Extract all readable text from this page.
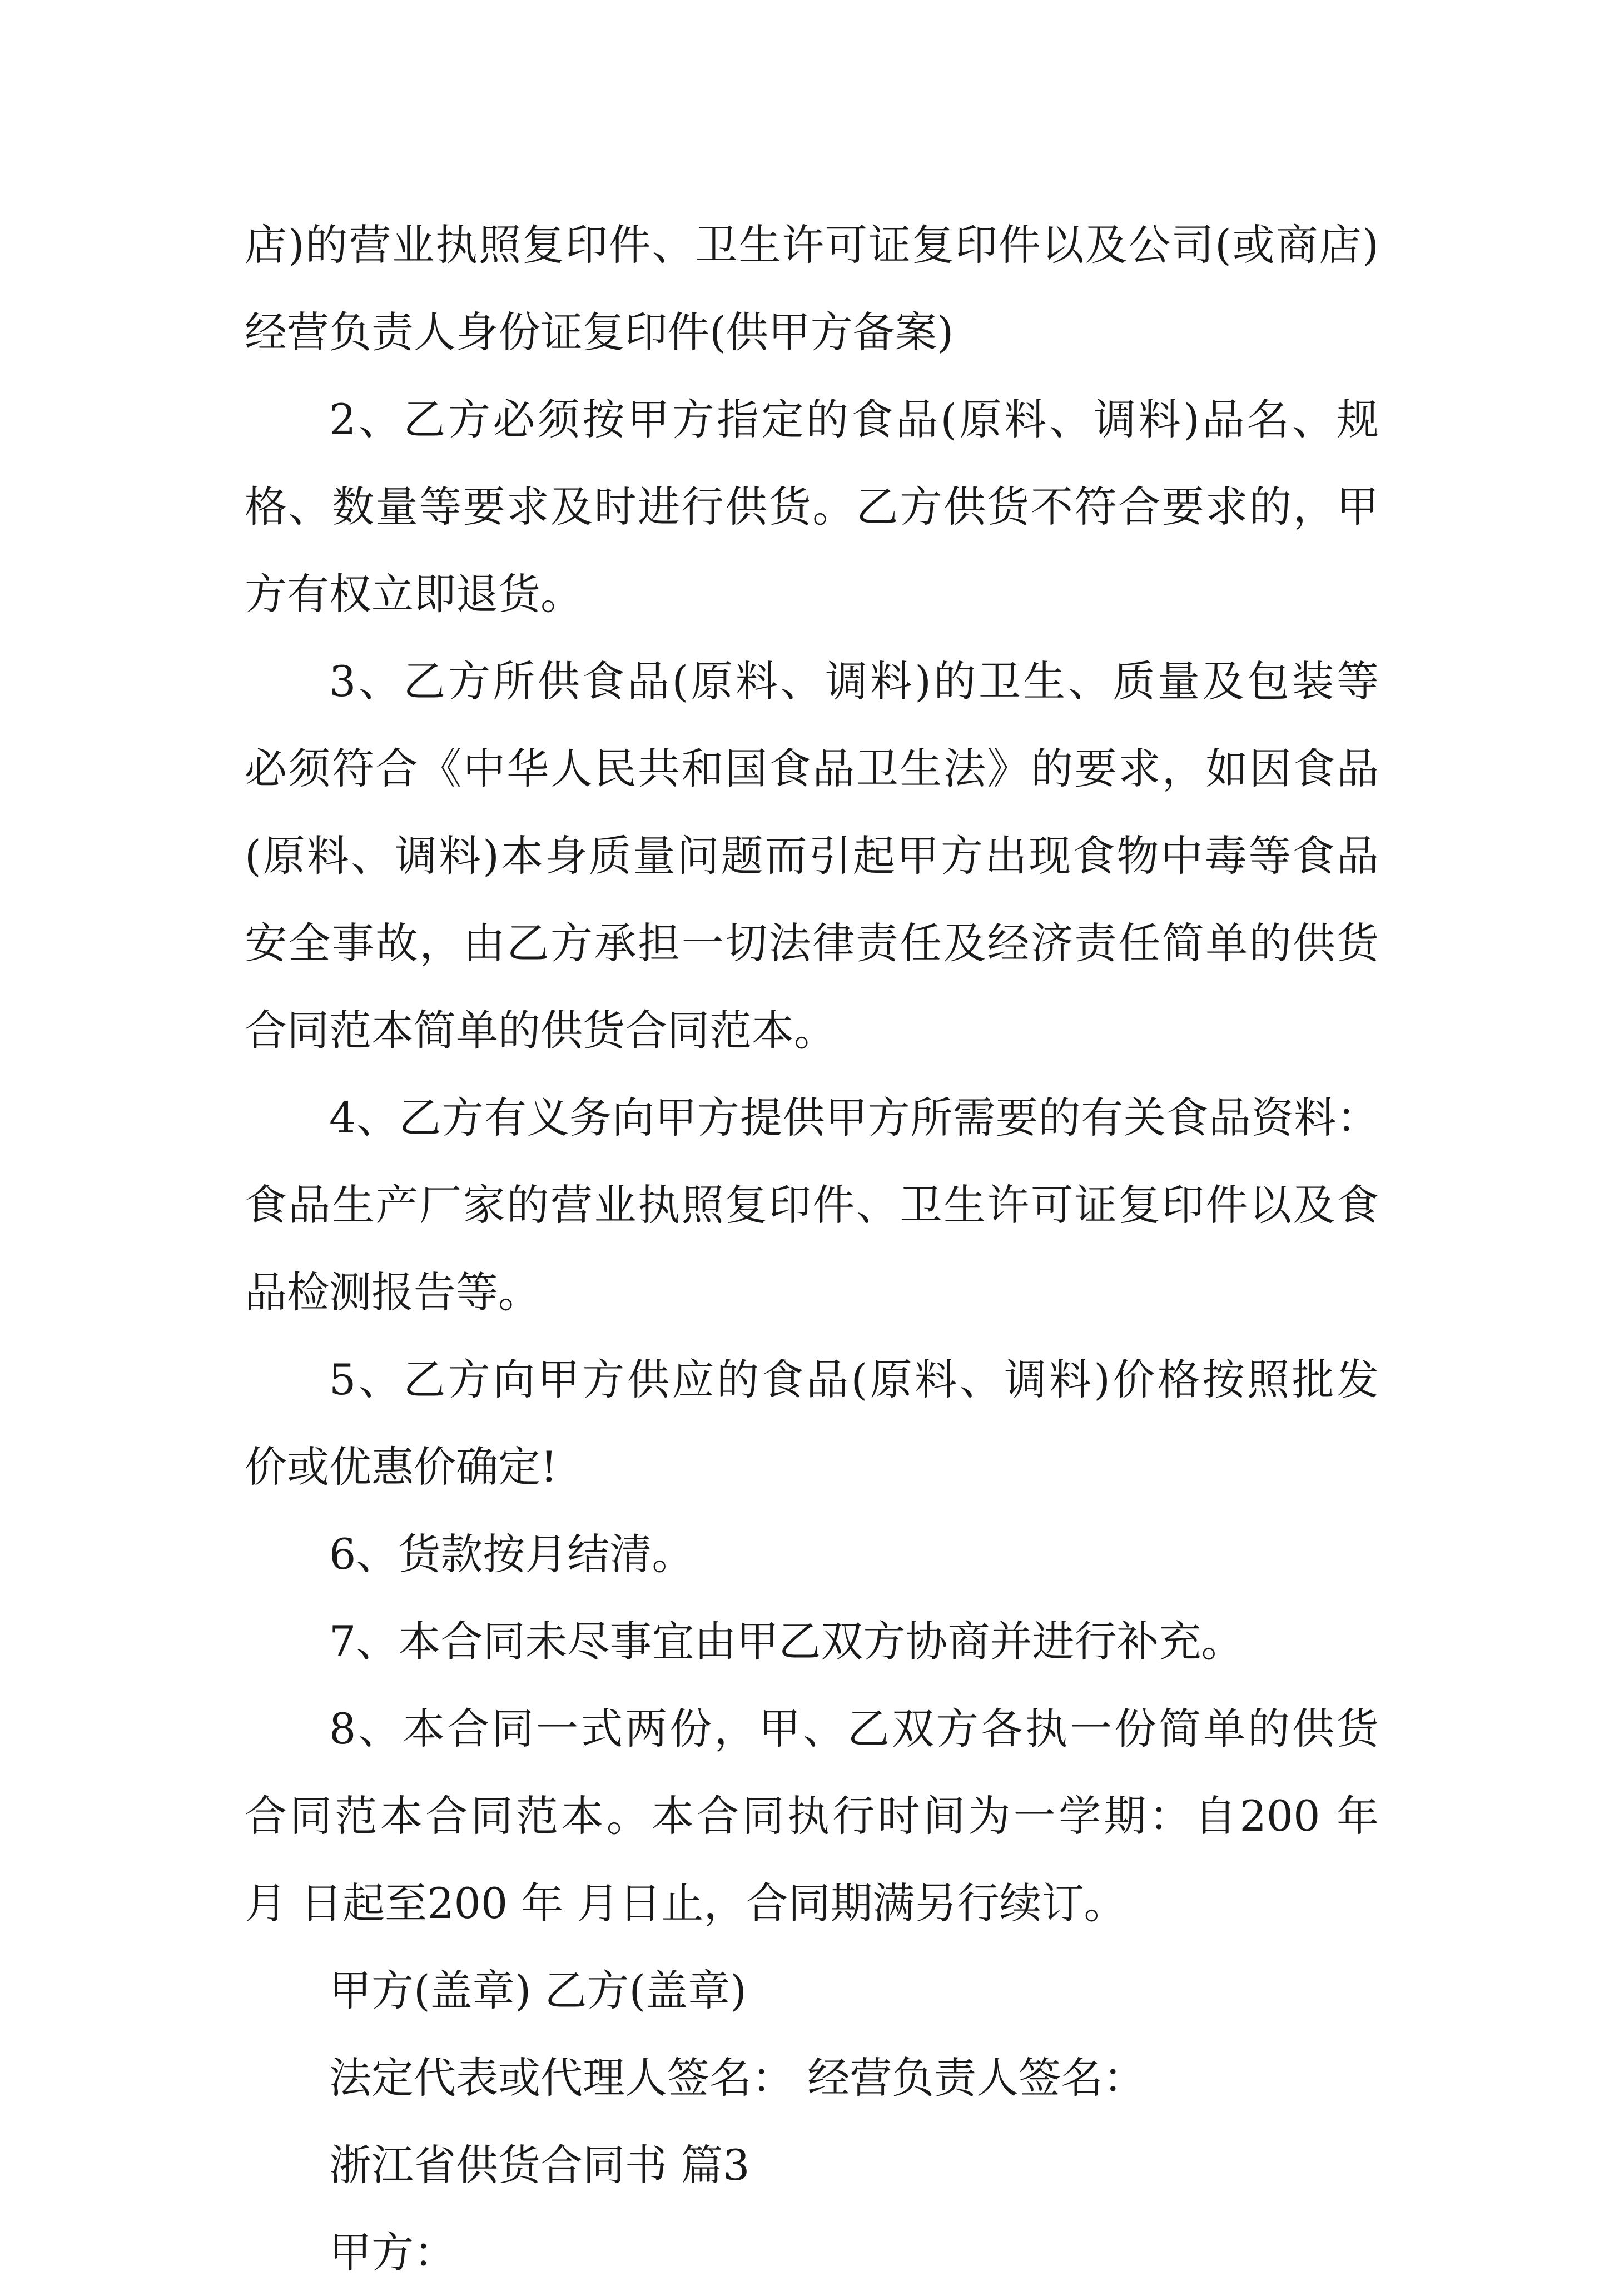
店)的营业执照复印件、卫生许可证复印件以及公司(或商店)
经营负责人身份证复印件(供甲方备案)
2、乙方必须按甲方指定的食品(原料、调料)品名、规
格、数量等要求及时进行供货。乙方供货不符合要求的，甲
方有权立即退货。
3、乙方所供食品(原料、调料)的卫生、质量及包装等
必须符合《中华人民共和国食品卫生法》的要求，如因食品
(原料、调料)本身质量问题而引起甲方出现食物中毒等食品
安全事故，由乙方承担一切法律责任及经济责任简单的供货
合同范本简单的供货合同范本。
4、乙方有义务向甲方提供甲方所需要的有关食品资料：
食品生产厂家的营业执照复印件、卫生许可证复印件以及食
品检测报告等。
5、乙方向甲方供应的食品(原料、调料)价格按照批发
价或优惠价确定!
6、货款按月结清。
7、本合同未尽事宜由甲乙双方协商并进行补充。
8、本合同一式两份，甲、乙双方各执一份简单的供货
合同范本合同范本。本合同执行时间为一学期：自200 年
月 日起至200 年 月日止，合同期满另行续订。
甲方(盖章) 乙方(盖章)
法定代表或代理人签名： 经营负责人签名：
浙江省供货合同书 篇3
甲方：
